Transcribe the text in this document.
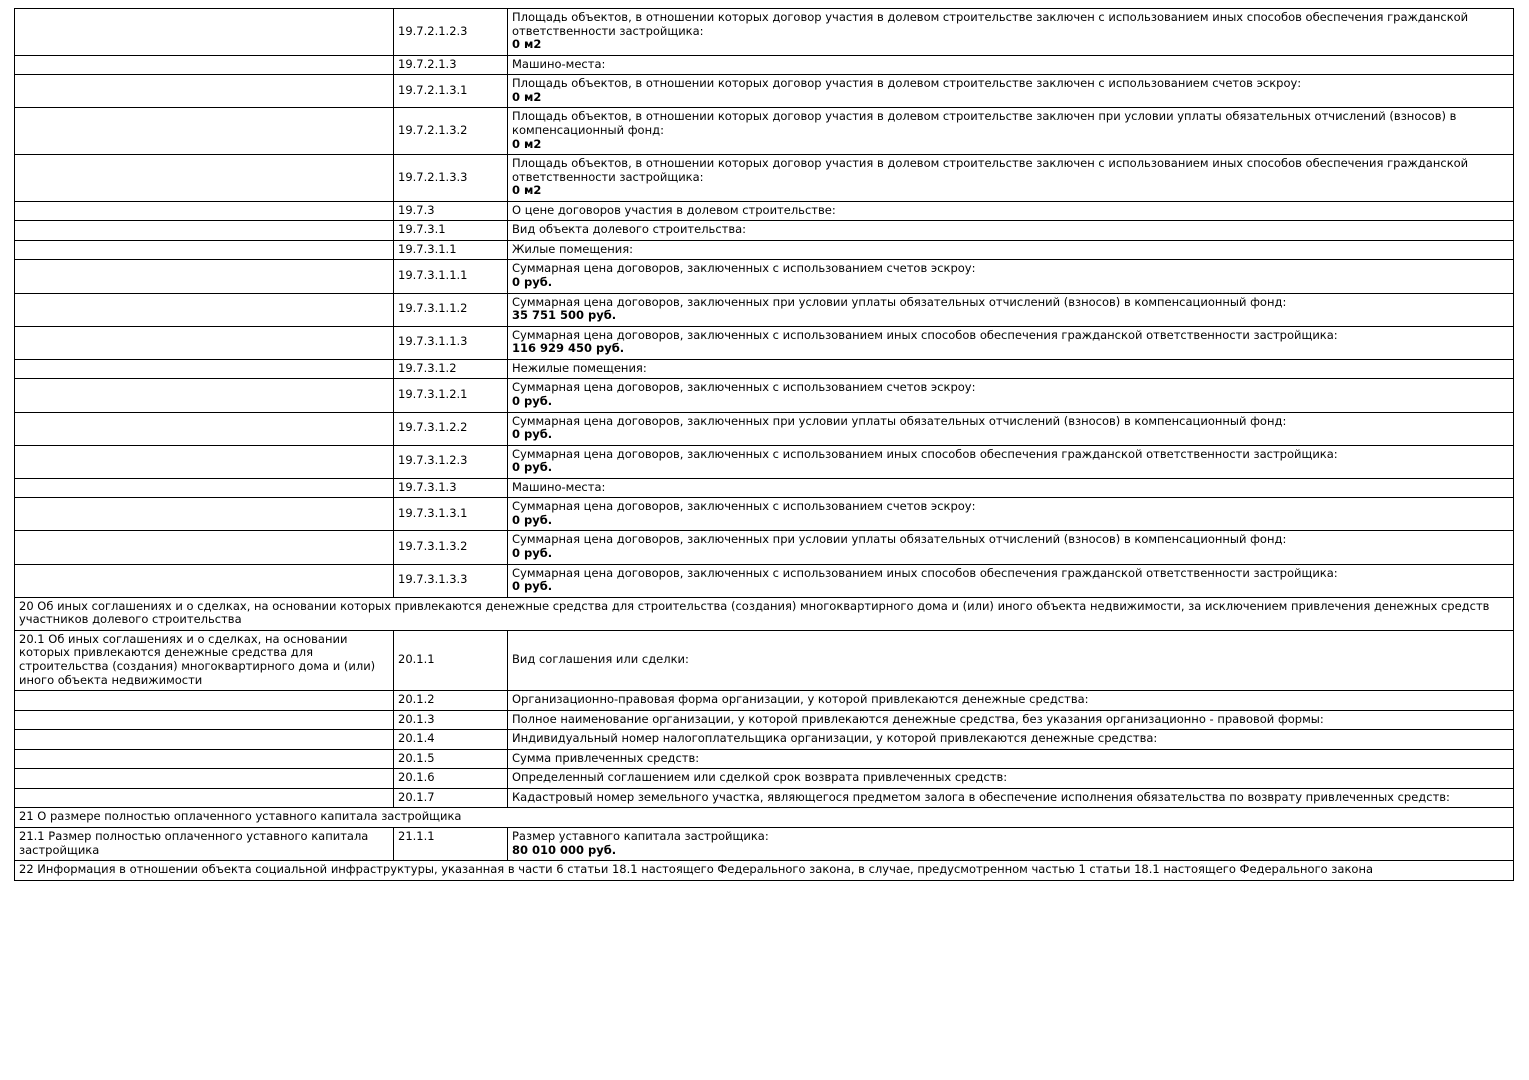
	19.7.2.1.2.3	Площадь объектов, в отношении которых договор участия в долевом строительстве заключен с использованием иных способов обеспечения гражданской ответственности застройщика:
0 м2

	19.7.2.1.3	Машино-места:
	19.7.2.1.3.1	Площадь объектов, в отношении которых договор участия в долевом строительстве заключен с использованием счетов эскроу:
0 м2

	19.7.2.1.3.2	Площадь объектов, в отношении которых договор участия в долевом строительстве заключен при условии уплаты обязательных отчислений (взносов) в компенсационный фонд:
0 м2

	19.7.2.1.3.3	Площадь объектов, в отношении которых договор участия в долевом строительстве заключен с использованием иных способов обеспечения гражданской ответственности застройщика:
0 м2

	19.7.3	О цене договоров участия в долевом строительстве:
	19.7.3.1	Вид объекта долевого строительства:
	19.7.3.1.1	Жилые помещения:
	19.7.3.1.1.1	Суммарная цена договоров, заключенных с использованием счетов эскроу:
0 руб.

	19.7.3.1.1.2	Суммарная цена договоров, заключенных при условии уплаты обязательных отчислений (взносов) в компенсационный фонд:
35 751 500 руб.

	19.7.3.1.1.3	Суммарная цена договоров, заключенных с использованием иных способов обеспечения гражданской ответственности застройщика:
116 929 450 руб.

	19.7.3.1.2	Нежилые помещения:
	19.7.3.1.2.1	Суммарная цена договоров, заключенных с использованием счетов эскроу:
0 руб.

	19.7.3.1.2.2	Суммарная цена договоров, заключенных при условии уплаты обязательных отчислений (взносов) в компенсационный фонд:
0 руб.

	19.7.3.1.2.3	Суммарная цена договоров, заключенных с использованием иных способов обеспечения гражданской ответственности застройщика:
0 руб.

	19.7.3.1.3	Машино-места:
	19.7.3.1.3.1	Суммарная цена договоров, заключенных с использованием счетов эскроу:
0 руб.

	19.7.3.1.3.2	Суммарная цена договоров, заключенных при условии уплаты обязательных отчислений (взносов) в компенсационный фонд:
0 руб.

	19.7.3.1.3.3	Суммарная цена договоров, заключенных с использованием иных способов обеспечения гражданской ответственности застройщика:
0 руб.

20 Об иных соглашениях и о сделках, на основании которых привлекаются денежные средства для строительства (создания) многоквартирного дома и (или) иного объекта недвижимости, за исключением привлечения денежных средств участников долевого строительства		
20.1 Об иных соглашениях и о сделках, на основании которых привлекаются денежные средства для строительства (создания) многоквартирного дома и (или) иного объекта недвижимости	20.1.1	Вид соглашения или сделки:
	20.1.2	Организационно-правовая форма организации, у которой привлекаются денежные средства:
	20.1.3	Полное наименование организации, у которой привлекаются денежные средства, без указания организационно - правовой формы:
	20.1.4	Индивидуальный номер налогоплательщика организации, у которой привлекаются денежные средства:
	20.1.5	Сумма привлеченных средств:
	20.1.6	Определенный соглашением или сделкой срок возврата привлеченных средств:
	20.1.7	Кадастровый номер земельного участка, являющегося предметом залога в обеспечение исполнения обязательства по возврату привлеченных средств:
21 О размере полностью оплаченного уставного капитала застройщика		
21.1 Размер полностью оплаченного уставного капитала застройщика	21.1.1	Размер уставного капитала застройщика:
80 010 000 руб.

22 Информация в отношении объекта социальной инфраструктуры, указанная в части 6 статьи 18.1 настоящего Федерального закона, в случае, предусмотренном частью 1 статьи 18.1 настоящего Федерального закона		
